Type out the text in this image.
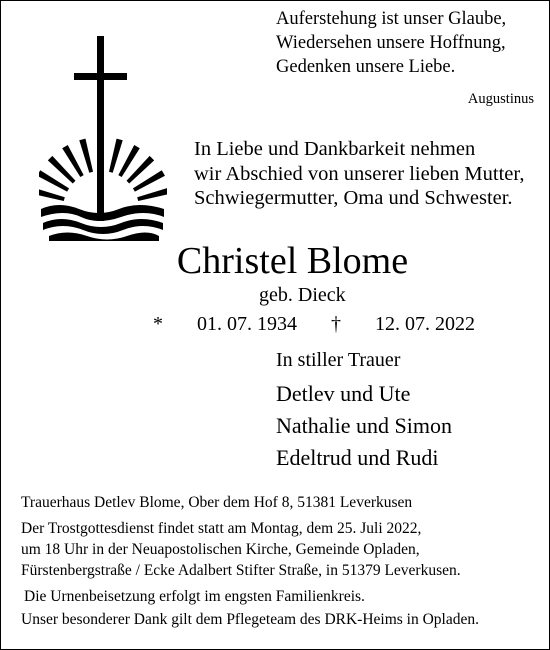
Auferstehung ist unser Glaube,
Wiedersehen unsere Hoffnung,
Gedenken unsere Liebe.
Augustinus
In Liebe und Dankbarkeit nehmen
wir Abschied von unserer lieben Mutter,
Schwiegermutter, Oma und Schwester.
Christel Blome
geb. Dieck
* 01. 07. 1934 † 12. 07. 2022
In stiller Trauer
Detlev und Ute
Nathalie und Simon
Edeltrud und Rudi
Trauerhaus Detlev Blome, Ober dem Hof 8, 51381 Leverkusen
Der Trostgottesdienst findet statt am Montag, dem 25. Juli 2022,
um 18 Uhr in der Neuapostolischen Kirche, Gemeinde Opladen,
Fürstenbergstraße / Ecke Adalbert Stifter Straße, in 51379 Leverkusen.
Die Urnenbeisetzung erfolgt im engsten Familienkreis.
Unser besonderer Dank gilt dem Pflegeteam des DRK-Heims in Opladen.
